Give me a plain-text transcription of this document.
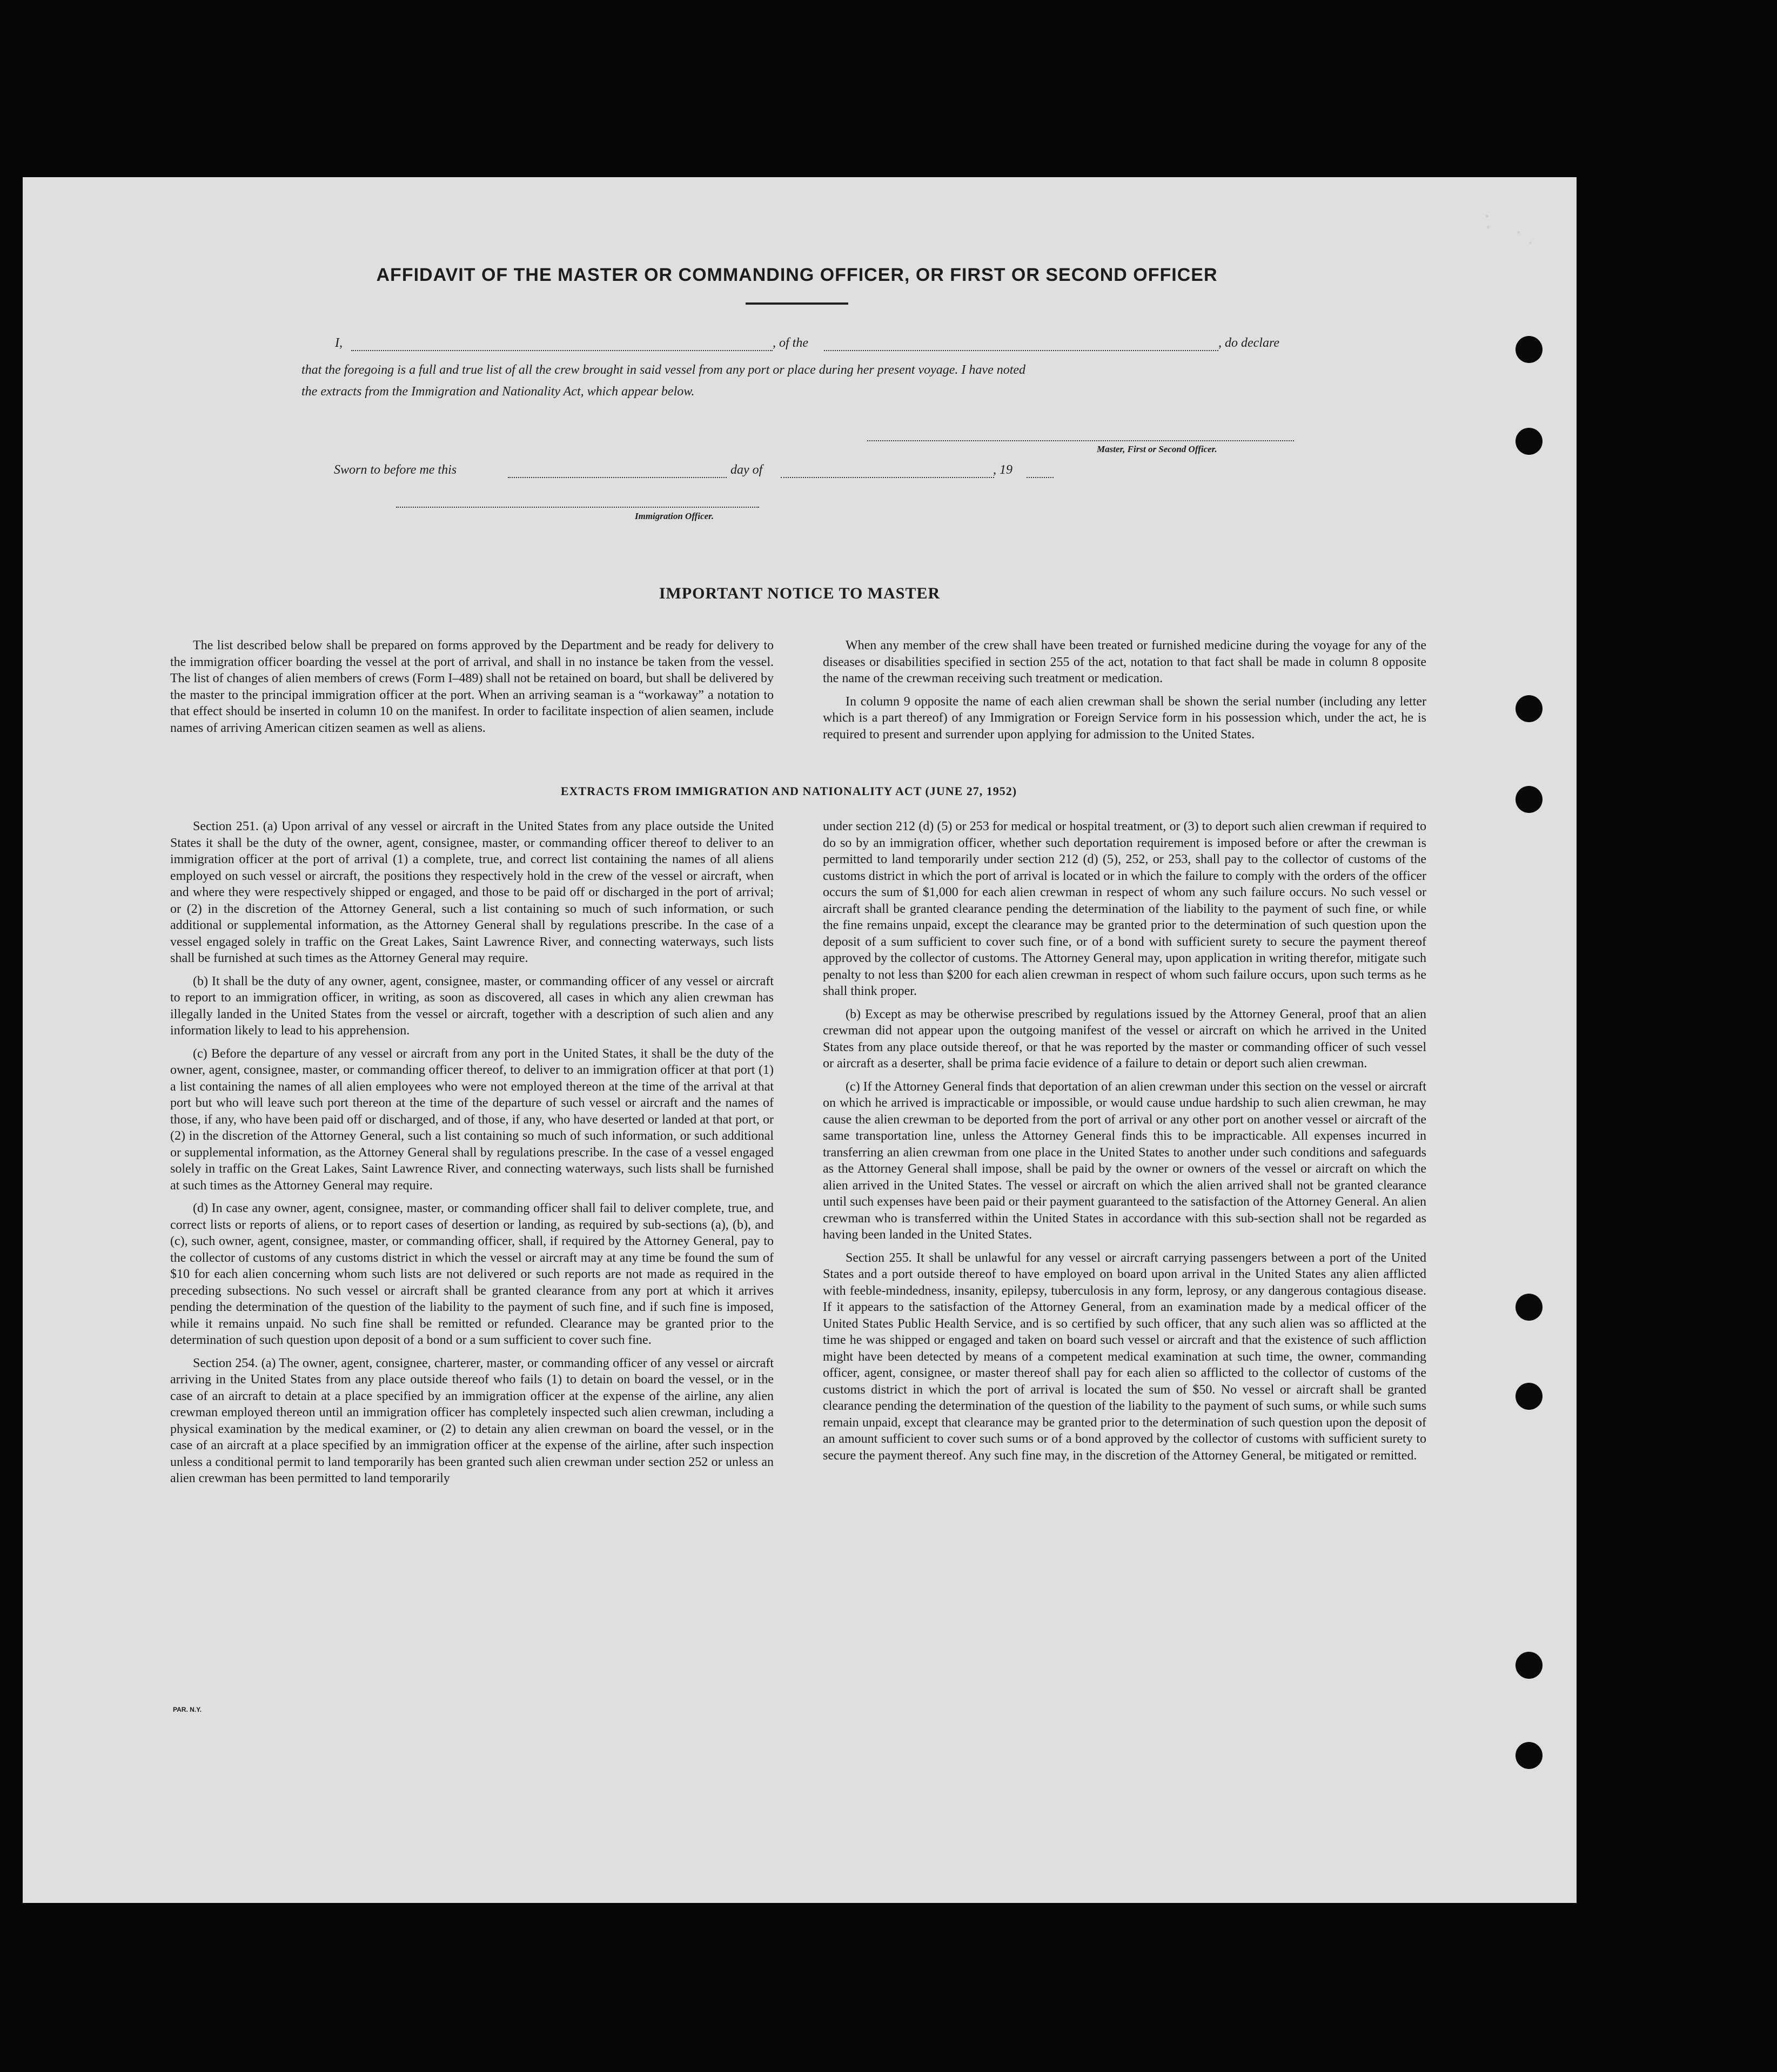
AFFIDAVIT OF THE MASTER OR COMMANDING OFFICER, OR FIRST OR SECOND OFFICER
I,	, of the	, do declare
that the foregoing is a full and true list of all the crew brought in said vessel from any port or place during her present voyage. I have noted
the extracts from the Immigration and Nationality Act, which appear below.
Master, First or Second Officer.
Sworn to before me this	day of	, 19
Immigration Officer.
IMPORTANT NOTICE TO MASTER

The list described below shall be prepared on forms approved by the Department and be ready for delivery to the immigration officer boarding the vessel at the port of arrival, and shall in no instance be taken from the vessel. The list of changes of alien members of crews (Form I–489) shall not be retained on board, but shall be delivered by the master to the principal immigration officer at the port. When an arriving seaman is a “workaway” a notation to that effect should be inserted in column 10 on the manifest. In order to facilitate inspection of alien seamen, include names of arriving American citizen seamen as well as aliens.

When any member of the crew shall have been treated or furnished medicine during the voyage for any of the diseases or disabilities specified in section 255 of the act, notation to that fact shall be made in column 8 opposite the name of the crewman receiving such treatment or medication.

In column 9 opposite the name of each alien crewman shall be shown the serial number (including any letter which is a part thereof) of any Immigration or Foreign Service form in his possession which, under the act, he is required to present and surrender upon applying for admission to the United States.

EXTRACTS FROM IMMIGRATION AND NATIONALITY ACT (JUNE 27, 1952)

Section 251. (a) Upon arrival of any vessel or aircraft in the United States from any place outside the United States it shall be the duty of the owner, agent, consignee, master, or commanding officer thereof to deliver to an immigration officer at the port of arrival (1) a complete, true, and correct list containing the names of all aliens employed on such vessel or aircraft, the positions they respectively hold in the crew of the vessel or aircraft, when and where they were respectively shipped or engaged, and those to be paid off or discharged in the port of arrival; or (2) in the discretion of the Attorney General, such a list containing so much of such information, or such additional or supplemental information, as the Attorney General shall by regulations prescribe. In the case of a vessel engaged solely in traffic on the Great Lakes, Saint Lawrence River, and connecting waterways, such lists shall be furnished at such times as the Attorney General may require.

(b) It shall be the duty of any owner, agent, consignee, master, or commanding officer of any vessel or aircraft to report to an immigration officer, in writing, as soon as discovered, all cases in which any alien crewman has illegally landed in the United States from the vessel or aircraft, together with a description of such alien and any information likely to lead to his apprehension.

(c) Before the departure of any vessel or aircraft from any port in the United States, it shall be the duty of the owner, agent, consignee, master, or commanding officer thereof, to deliver to an immigration officer at that port (1) a list containing the names of all alien employees who were not employed thereon at the time of the arrival at that port but who will leave such port thereon at the time of the departure of such vessel or aircraft and the names of those, if any, who have been paid off or discharged, and of those, if any, who have deserted or landed at that port, or (2) in the discretion of the Attorney General, such a list containing so much of such information, or such additional or supplemental information, as the Attorney General shall by regulations prescribe. In the case of a vessel engaged solely in traffic on the Great Lakes, Saint Lawrence River, and connecting waterways, such lists shall be furnished at such times as the Attorney General may require.

(d) In case any owner, agent, consignee, master, or commanding officer shall fail to deliver complete, true, and correct lists or reports of aliens, or to report cases of desertion or landing, as required by sub-sections (a), (b), and (c), such owner, agent, consignee, master, or commanding officer, shall, if required by the Attorney General, pay to the collector of customs of any customs district in which the vessel or aircraft may at any time be found the sum of $10 for each alien concerning whom such lists are not delivered or such reports are not made as required in the preceding subsections. No such vessel or aircraft shall be granted clearance from any port at which it arrives pending the determination of the question of the liability to the payment of such fine, and if such fine is imposed, while it remains unpaid. No such fine shall be remitted or refunded. Clearance may be granted prior to the determination of such question upon deposit of a bond or a sum sufficient to cover such fine.

Section 254. (a) The owner, agent, consignee, charterer, master, or commanding officer of any vessel or aircraft arriving in the United States from any place outside thereof who fails (1) to detain on board the vessel, or in the case of an aircraft to detain at a place specified by an immigration officer at the expense of the airline, any alien crewman employed thereon until an immigration officer has completely inspected such alien crewman, including a physical examination by the medical examiner, or (2) to detain any alien crewman on board the vessel, or in the case of an aircraft at a place specified by an immigration officer at the expense of the airline, after such inspection unless a conditional permit to land temporarily has been granted such alien crewman under section 252 or unless an alien crewman has been permitted to land temporarily

under section 212 (d) (5) or 253 for medical or hospital treatment, or (3) to deport such alien crewman if required to do so by an immigration officer, whether such deportation requirement is imposed before or after the crewman is permitted to land temporarily under section 212 (d) (5), 252, or 253, shall pay to the collector of customs of the customs district in which the port of arrival is located or in which the failure to comply with the orders of the officer occurs the sum of $1,000 for each alien crewman in respect of whom any such failure occurs. No such vessel or aircraft shall be granted clearance pending the determination of the liability to the payment of such fine, or while the fine remains unpaid, except the clearance may be granted prior to the determination of such question upon the deposit of a sum sufficient to cover such fine, or of a bond with sufficient surety to secure the payment thereof approved by the collector of customs. The Attorney General may, upon application in writing therefor, mitigate such penalty to not less than $200 for each alien crewman in respect of whom such failure occurs, upon such terms as he shall think proper.

(b) Except as may be otherwise prescribed by regulations issued by the Attorney General, proof that an alien crewman did not appear upon the outgoing manifest of the vessel or aircraft on which he arrived in the United States from any place outside thereof, or that he was reported by the master or commanding officer of such vessel or aircraft as a deserter, shall be prima facie evidence of a failure to detain or deport such alien crewman.

(c) If the Attorney General finds that deportation of an alien crewman under this section on the vessel or aircraft on which he arrived is impracticable or impossible, or would cause undue hardship to such alien crewman, he may cause the alien crewman to be deported from the port of arrival or any other port on another vessel or aircraft of the same transportation line, unless the Attorney General finds this to be impracticable. All expenses incurred in transferring an alien crewman from one place in the United States to another under such conditions and safeguards as the Attorney General shall impose, shall be paid by the owner or owners of the vessel or aircraft on which the alien arrived in the United States. The vessel or aircraft on which the alien arrived shall not be granted clearance until such expenses have been paid or their payment guaranteed to the satisfaction of the Attorney General. An alien crewman who is transferred within the United States in accordance with this sub-section shall not be regarded as having been landed in the United States.

Section 255. It shall be unlawful for any vessel or aircraft carrying passengers between a port of the United States and a port outside thereof to have employed on board upon arrival in the United States any alien afflicted with feeble-mindedness, insanity, epilepsy, tuberculosis in any form, leprosy, or any dangerous contagious disease. If it appears to the satisfaction of the Attorney General, from an examination made by a medical officer of the United States Public Health Service, and is so certified by such officer, that any such alien was so afflicted at the time he was shipped or engaged and taken on board such vessel or aircraft and that the existence of such affliction might have been detected by means of a competent medical examination at such time, the owner, commanding officer, agent, consignee, or master thereof shall pay for each alien so afflicted to the collector of customs of the customs district in which the port of arrival is located the sum of $50. No vessel or aircraft shall be granted clearance pending the determination of the question of the liability to the payment of such sums, or while such sums remain unpaid, except that clearance may be granted prior to the determination of such question upon the deposit of an amount sufficient to cover such sums or of a bond approved by the collector of customs with sufficient surety to secure the payment thereof. Any such fine may, in the discretion of the Attorney General, be mitigated or remitted.

PAR. N.Y.
